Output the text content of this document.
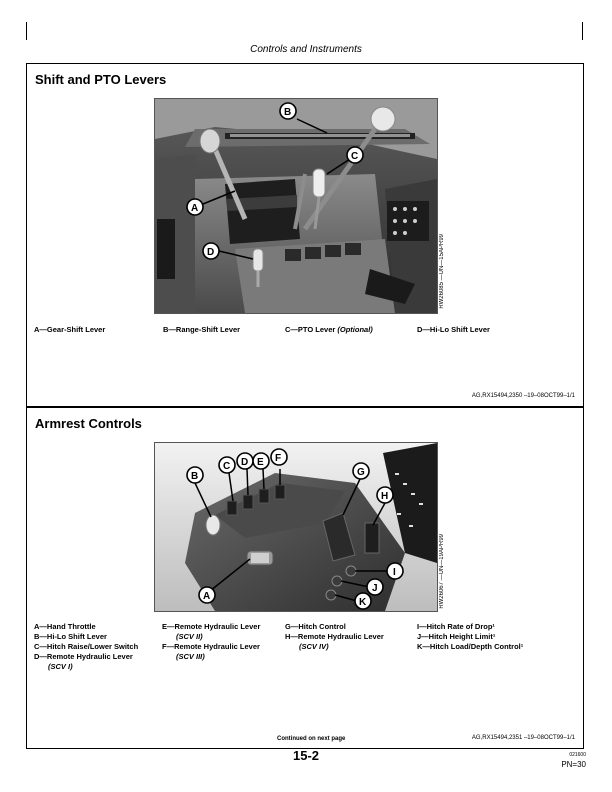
Controls and Instruments
Shift and PTO Levers
B
C
A
D	RW26085 —UN—15APR99
A—Gear-Shift Lever	B—Range-Shift Lever	C—PTO Lever (Optional)	D—Hi-Lo Shift Lever
AG,RX15494,2350 –19–08OCT99–1/1
Armrest Controls
B
C D E F
G
H
A
I
J
K	RW26067 —UN—19APR99
A—Hand Throttle
B—Hi-Lo Shift Lever
C—Hitch Raise/Lower Switch
D—Remote Hydraulic Lever
(SCV I)
E—Remote Hydraulic Lever
(SCV II)
F—Remote Hydraulic Lever
(SCV III)
G—Hitch Control
H—Remote Hydraulic Lever
(SCV IV)
I—Hitch Rate of Drop¹
J—Hitch Height Limit¹
K—Hitch Load/Depth Control¹
Continued on next page	AG,RX15494,2351 –19–08OCT99–1/1
15-2	021600
PN=30
